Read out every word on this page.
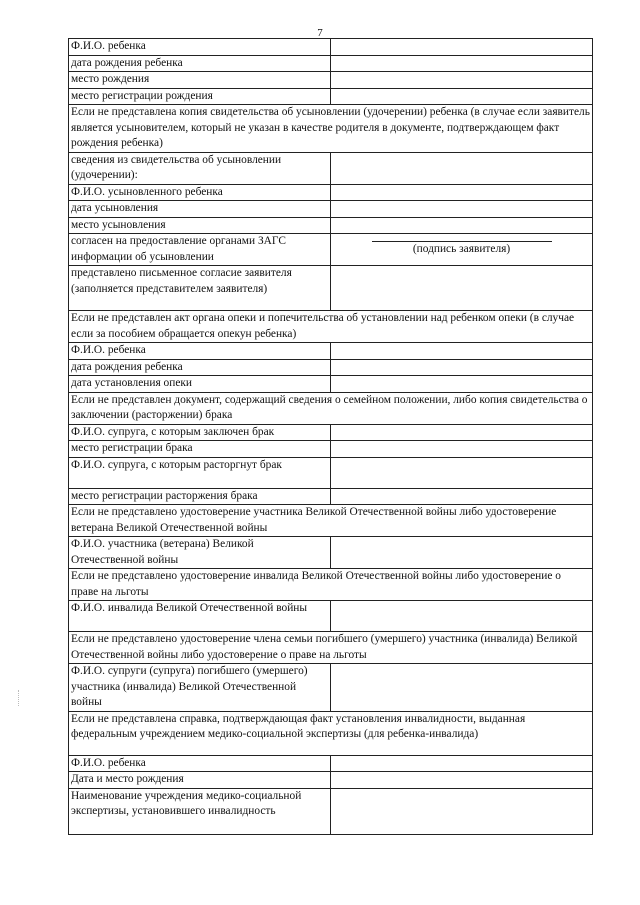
7
Ф.И.О. ребенка	
дата рождения ребенка	
место рождения	
место регистрации рождения	
Если не представлена копия свидетельства об усыновлении (удочерении) ребенка (в случае если заявитель является усыновителем, который не указан в качестве родителя в документе, подтверждающем факт рождения ребенка)	
сведения из свидетельства об усыновлении (удочерении):	
Ф.И.О. усыновленного ребенка	
дата усыновления	
место усыновления	
согласен на предоставление органами ЗАГС информации об усыновлении	(подпись заявителя)

представлено письменное согласие заявителя (заполняется представителем заявителя)	
Если не представлен акт органа опеки и попечительства об установлении над ребенком опеки (в случае если за пособием обращается опекун ребенка)	
Ф.И.О. ребенка	
дата рождения ребенка	
дата установления опеки	
Если не представлен документ, содержащий сведения о семейном положении, либо копия свидетельства о заключении (расторжении) брака	
Ф.И.О. супруга, с которым заключен брак	
место регистрации брака	
Ф.И.О. супруга, с которым расторгнут брак	
место регистрации расторжения брака	
Если не представлено удостоверение участника Великой Отечественной войны либо удостоверение ветерана Великой Отечественной войны	
Ф.И.О. участника (ветерана) Великой Отечественной войны	
Если не представлено удостоверение инвалида Великой Отечественной войны либо удостоверение о праве на льготы	
Ф.И.О. инвалида Великой Отечественной войны	
Если не представлено удостоверение члена семьи погибшего (умершего) участника (инвалида) Великой Отечественной войны либо удостоверение о праве на льготы	
Ф.И.О. супруги (супруга) погибшего (умершего) участника (инвалида) Великой Отечественной войны	
Если не представлена справка, подтверждающая факт установления инвалидности, выданная федеральным учреждением медико-социальной экспертизы (для ребенка-инвалида)	
Ф.И.О. ребенка	
Дата и место рождения	
Наименование учреждения медико-социальной экспертизы, установившего инвалидность	
